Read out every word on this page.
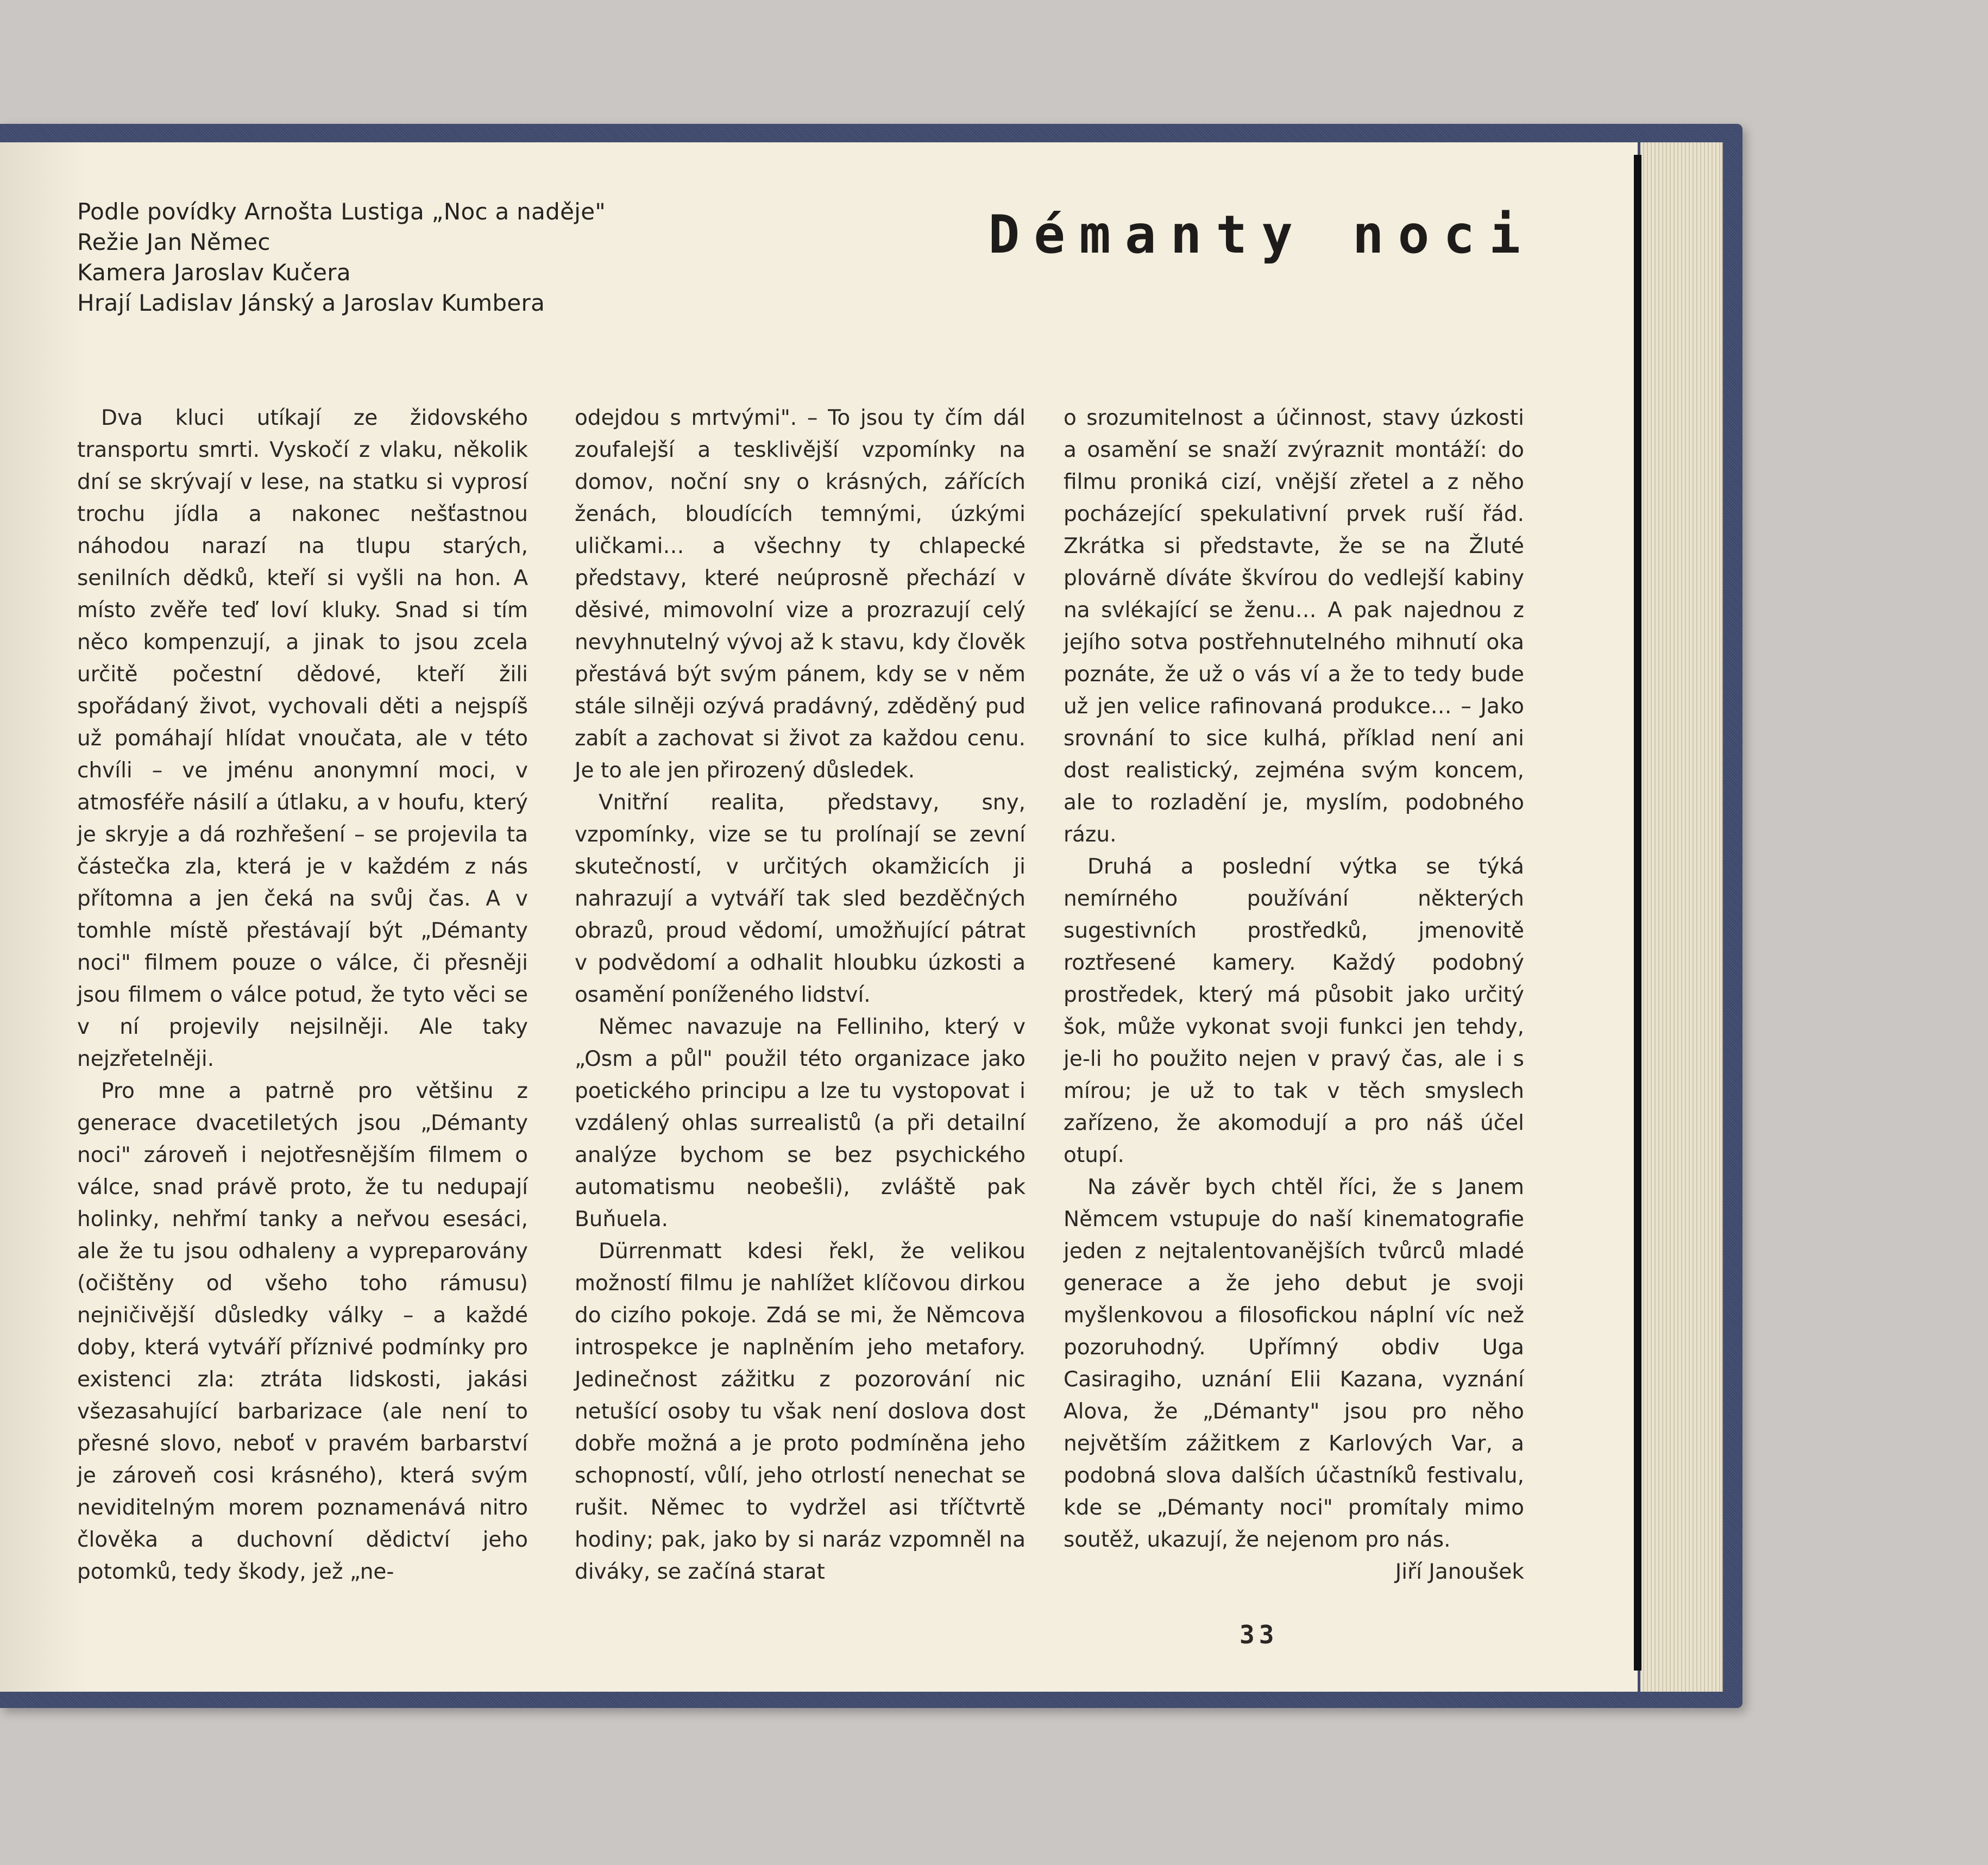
Podle povídky Arnošta Lustiga „Noc a naděje"
Režie Jan Němec
Kamera Jaroslav Kučera
Hrají Ladislav Jánský a Jaroslav Kumbera
Démanty noci

Dva kluci utíkají ze židovského transportu smrti. Vyskočí z vlaku, několik dní se skrývají v lese, na statku si vyprosí trochu jídla a nakonec nešťastnou náhodou narazí na tlupu starých, senilních dědků, kteří si vyšli na hon. A místo zvěře teď loví kluky. Snad si tím něco kompenzují, a jinak to jsou zcela určitě počestní dědové, kteří žili spořádaný život, vychovali děti a nejspíš už pomáhají hlídat vnoučata, ale v této chvíli – ve jménu anonymní moci, v atmosféře násilí a útlaku, a v houfu, který je skryje a dá rozhřešení – se projevila ta částečka zla, která je v každém z nás přítomna a jen čeká na svůj čas. A v tomhle místě přestávají být „Démanty noci" filmem pouze o válce, či přesněji jsou filmem o válce potud, že tyto věci se v ní projevily nejsilněji. Ale taky nejzřetelněji.

Pro mne a patrně pro většinu z generace dvacetiletých jsou „Démanty noci" zároveň i nejotřesnějším filmem o válce, snad právě proto, že tu nedupají holinky, nehřmí tanky a neřvou esesáci, ale že tu jsou odhaleny a vypreparovány (očištěny od všeho toho rámusu) nejničivější důsledky války – a každé doby, která vytváří příznivé podmínky pro existenci zla: ztráta lidskosti, jakási všezasahující barbarizace (ale není to přesné slovo, neboť v pravém barbarství je zároveň cosi krásného), která svým neviditelným morem poznamenává nitro člověka a duchovní dědictví jeho potomků, tedy škody, jež „ne-

odejdou s mrtvými". – To jsou ty čím dál zoufalejší a tesklivější vzpomínky na domov, noční sny o krásných, zářících ženách, bloudících temnými, úzkými uličkami… a všechny ty chlapecké představy, které neúprosně přechází v děsivé, mimovolní vize a prozrazují celý nevyhnutelný vývoj až k stavu, kdy člověk přestává být svým pánem, kdy se v něm stále silněji ozývá pradávný, zděděný pud zabít a zachovat si život za každou cenu. Je to ale jen přirozený důsledek.

Vnitřní realita, představy, sny, vzpomínky, vize se tu prolínají se zevní skutečností, v určitých okamžicích ji nahrazují a vytváří tak sled bezděčných obrazů, proud vědomí, umožňující pátrat v podvědomí a odhalit hloubku úzkosti a osamění poníženého lidství.

Němec navazuje na Felliniho, který v „Osm a půl" použil této organizace jako poetického principu a lze tu vystopovat i vzdálený ohlas surrealistů (a při detailní analýze bychom se bez psychického automatismu neobešli), zvláště pak Buňuela.

Dürrenmatt kdesi řekl, že velikou možností filmu je nahlížet klíčovou dirkou do cizího pokoje. Zdá se mi, že Němcova introspekce je naplněním jeho metafory. Jedinečnost zážitku z pozorování nic netušící osoby tu však není doslova dost dobře možná a je proto podmíněna jeho schopností, vůlí, jeho otrlostí nenechat se rušit. Němec to vydržel asi tříčtvrtě hodiny; pak, jako by si naráz vzpomněl na diváky, se začíná starat

o srozumitelnost a účinnost, stavy úzkosti a osamění se snaží zvýraznit montáží: do filmu proniká cizí, vnější zřetel a z něho pocházející spekulativní prvek ruší řád. Zkrátka si představte, že se na Žluté plovárně díváte škvírou do vedlejší kabiny na svlékající se ženu… A pak najednou z jejího sotva postřehnutelného mihnutí oka poznáte, že už o vás ví a že to tedy bude už jen velice rafinovaná produkce… – Jako srovnání to sice kulhá, příklad není ani dost realistický, zejména svým koncem, ale to rozladění je, myslím, podobného rázu.

Druhá a poslední výtka se týká nemírného používání některých sugestivních prostředků, jmenovitě roztřesené kamery. Každý podobný prostředek, který má působit jako určitý šok, může vykonat svoji funkci jen tehdy, je-li ho použito nejen v pravý čas, ale i s mírou; je už to tak v těch smyslech zařízeno, že akomodují a pro náš účel otupí.

Na závěr bych chtěl říci, že s Janem Němcem vstupuje do naší kinematografie jeden z nejtalentovanějších tvůrců mladé generace a že jeho debut je svoji myšlenkovou a filosofickou náplní víc než pozoruhodný. Upřímný obdiv Uga Casiragiho, uznání Elii Kazana, vyznání Alova, že „Démanty" jsou pro něho největším zážitkem z Karlových Var, a podobná slova dalších účastníků festivalu, kde se „Démanty noci" promítaly mimo soutěž, ukazují, že nejenom pro nás.
Jiří Janoušek

33
